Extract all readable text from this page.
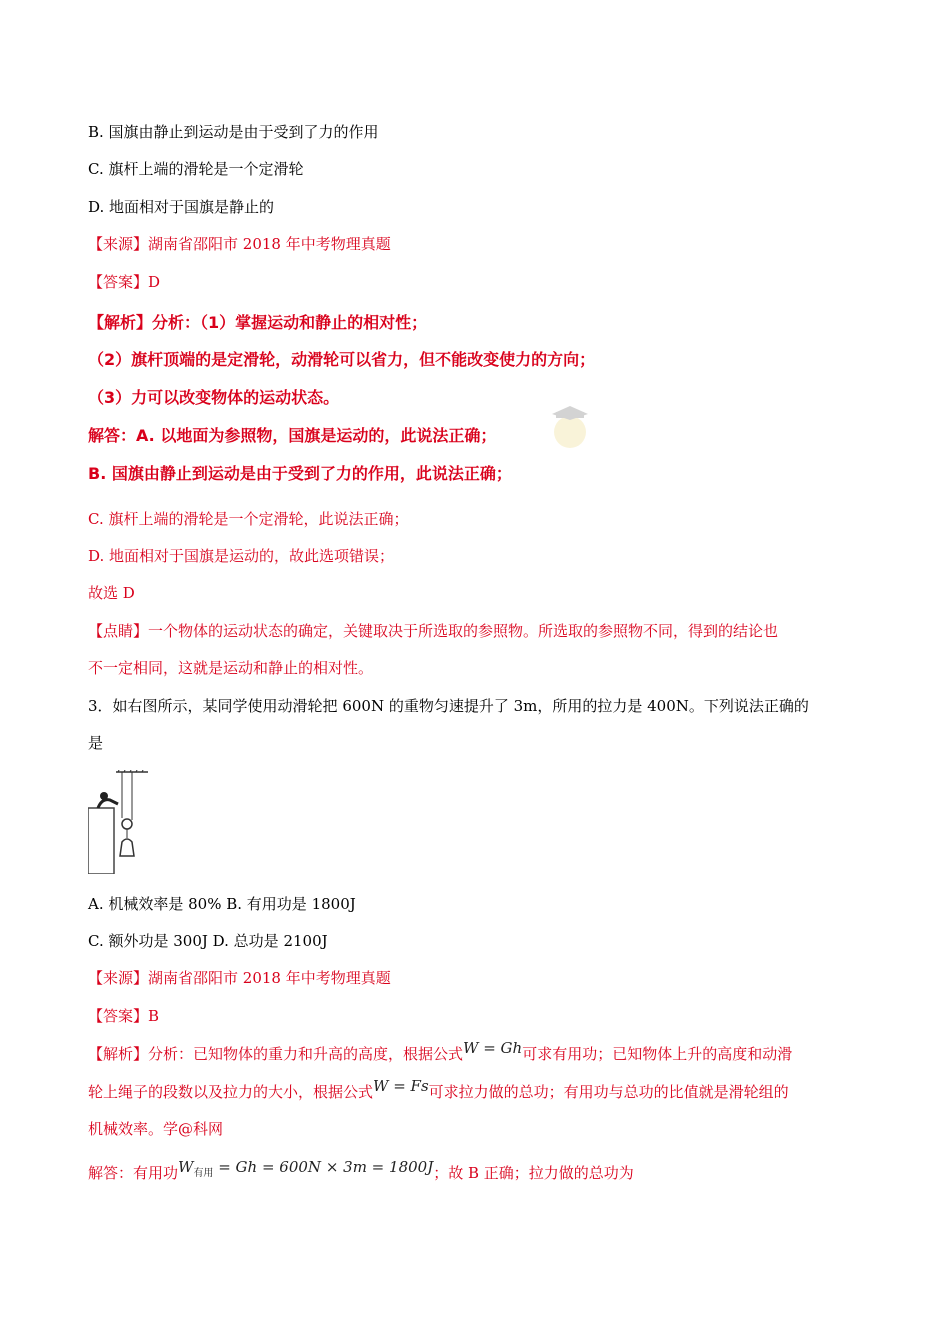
B. 国旗由静止到运动是由于受到了力的作用
C. 旗杆上端的滑轮是一个定滑轮
D. 地面相对于国旗是静止的
【来源】湖南省邵阳市 2018 年中考物理真题
【答案】D
【解析】分析：（1）掌握运动和静止的相对性；
（2）旗杆顶端的是定滑轮，动滑轮可以省力，但不能改变使力的方向；
（3）力可以改变物体的运动状态。
解答：A. 以地面为参照物，国旗是运动的，此说法正确；
B. 国旗由静止到运动是由于受到了力的作用，此说法正确；
C. 旗杆上端的滑轮是一个定滑轮，此说法正确；
D. 地面相对于国旗是运动的，故此选项错误；
故选 D
【点睛】一个物体的运动状态的确定，关键取决于所选取的参照物。所选取的参照物不同，得到的结论也
不一定相同，这就是运动和静止的相对性。
3．如右图所示，某同学使用动滑轮把 600N 的重物匀速提升了 3m，所用的拉力是 400N。下列说法正确的
是
A. 机械效率是 80% B. 有用功是 1800J
C. 额外功是 300J D. 总功是 2100J
【来源】湖南省邵阳市 2018 年中考物理真题
【答案】B
【解析】分析：已知物体的重力和升高的高度，根据公式W = Gh可求有用功；已知物体上升的高度和动滑
轮上绳子的段数以及拉力的大小，根据公式W = Fs可求拉力做的总功；有用功与总功的比值就是滑轮组的
机械效率。学@科网
解答：有用功$W_{有用} = Gh = 600N \times 3m = 1800J$；故 B 正确；拉力做的总功为
